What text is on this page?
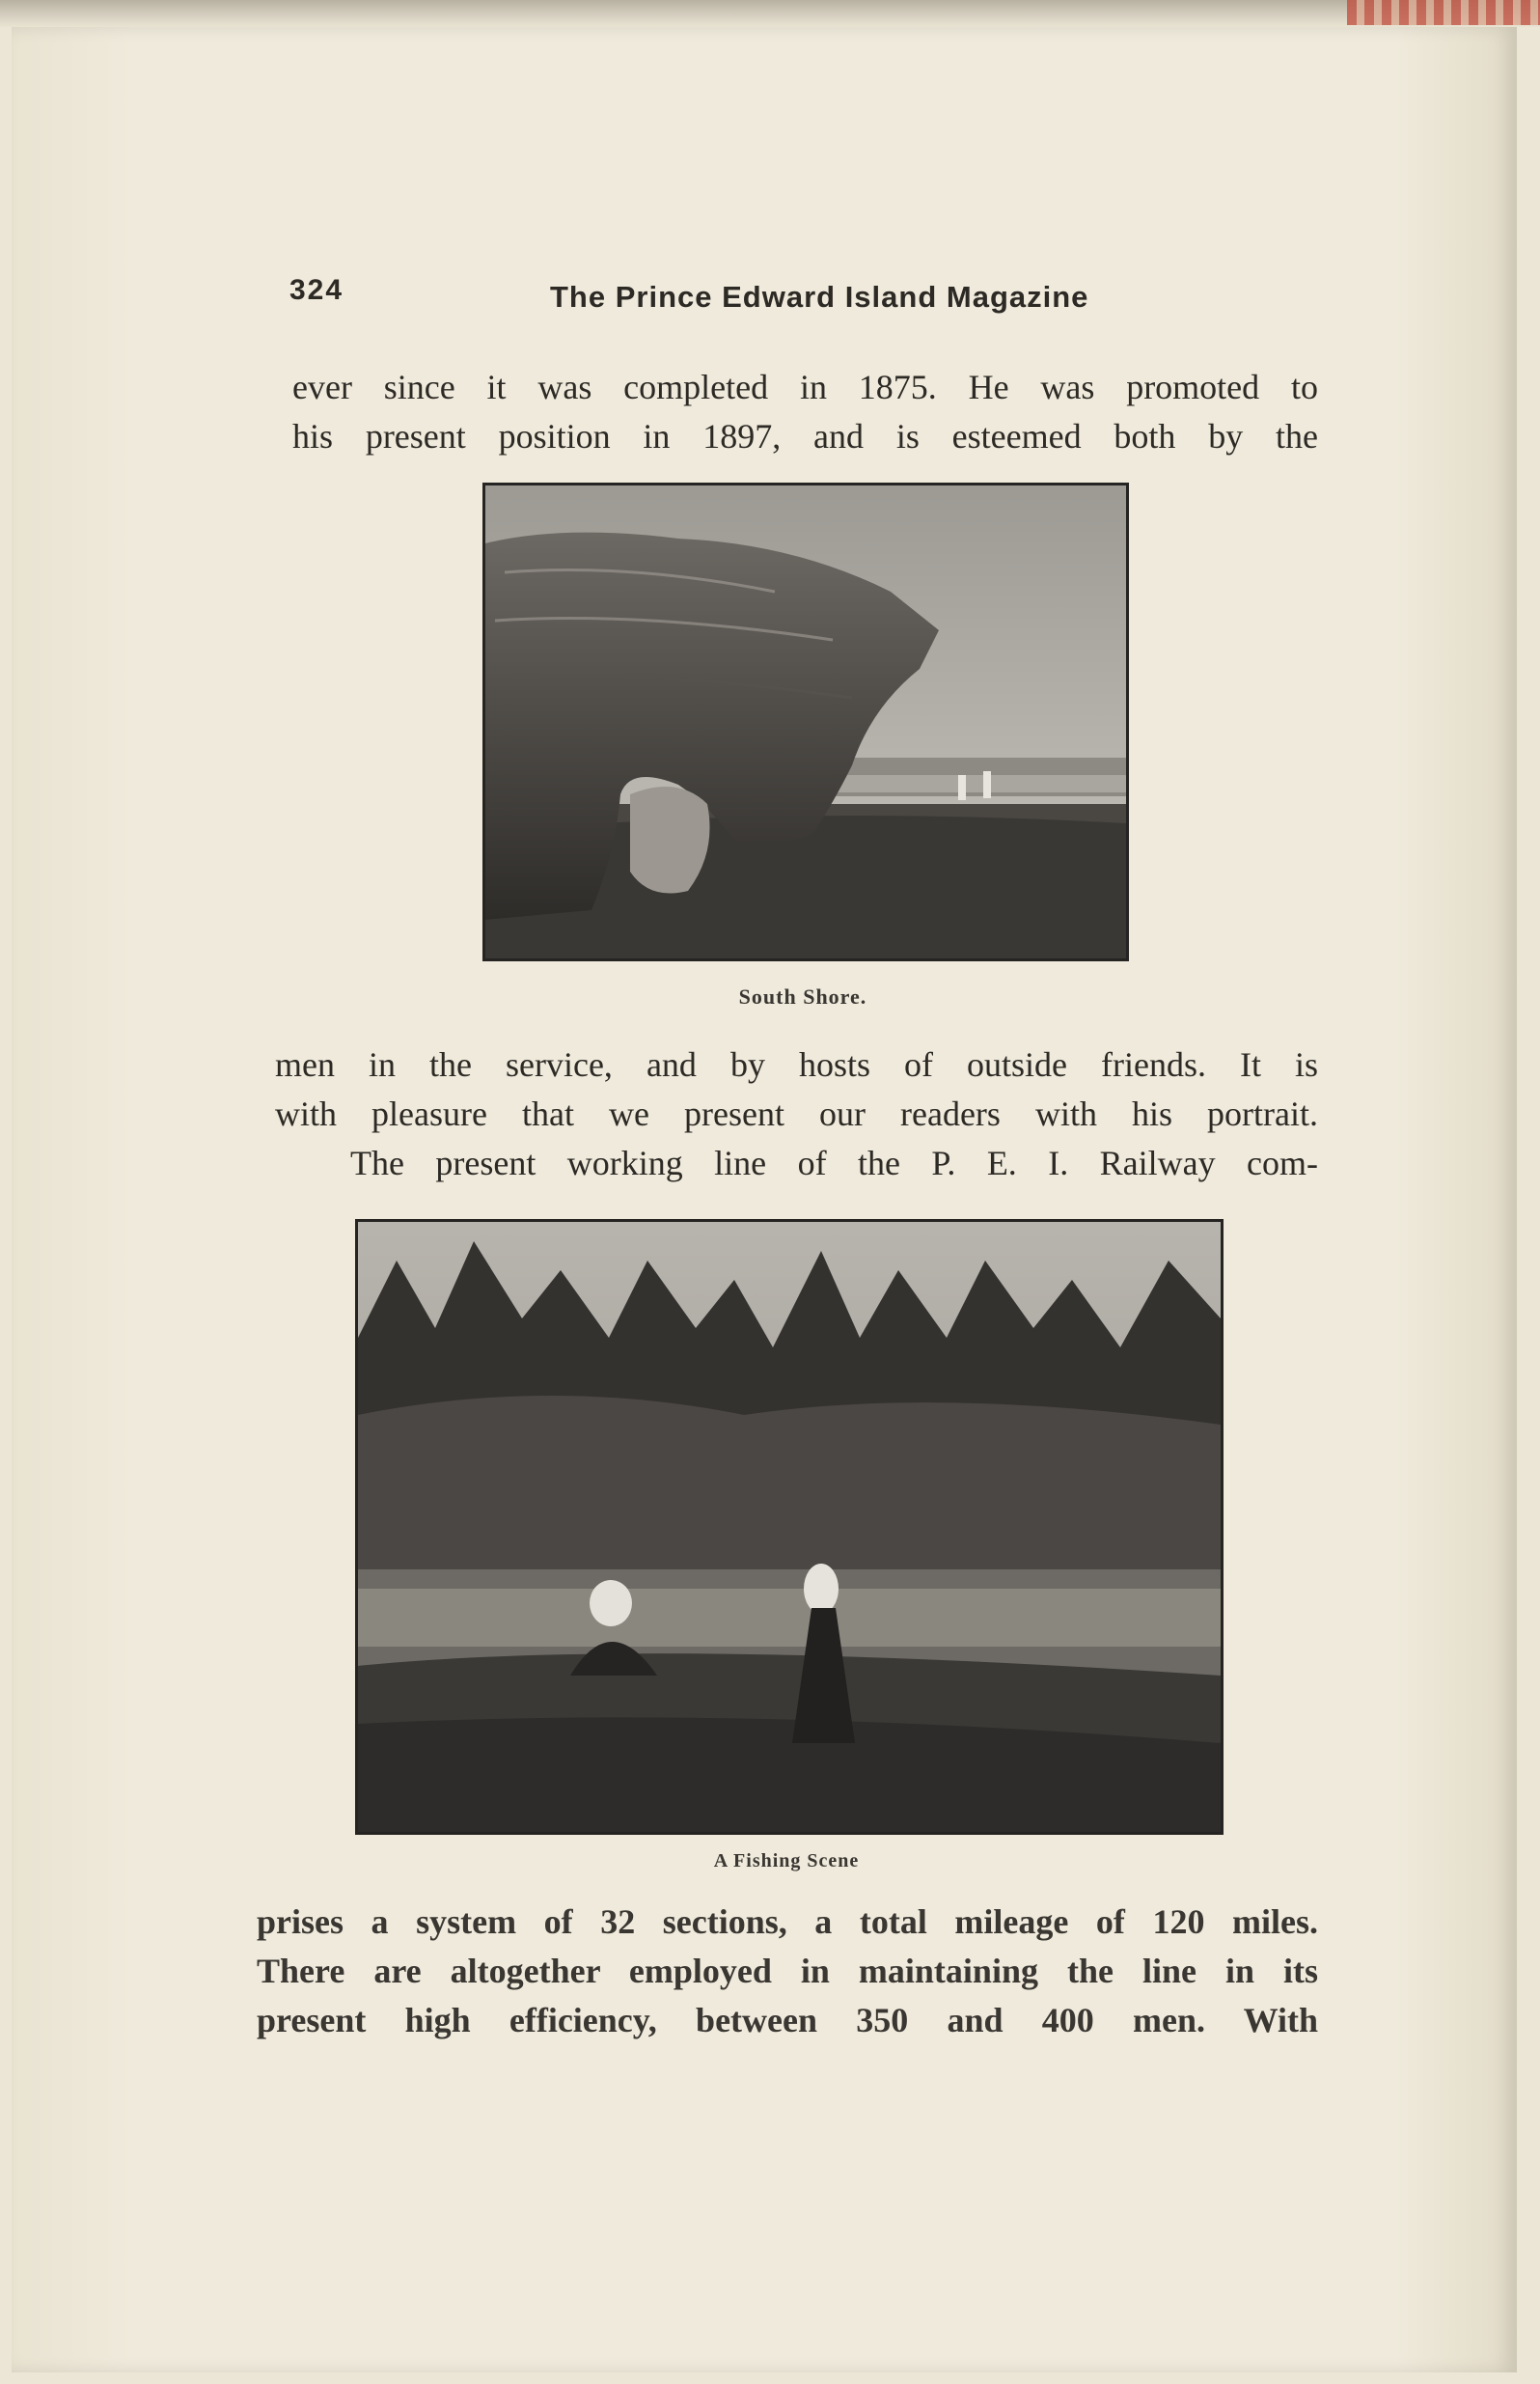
324	The Prince Edward Island Magazine

ever since it was completed in 1875. He was promoted to
his present position in 1897, and is esteemed both by the

South Shore.

men in the service, and by hosts of outside friends. It is
with pleasure that we present our readers with his portrait.
The present working line of the P. E. I. Railway com-

A Fishing Scene

prises a system of 32 sections, a total mileage of 120 miles.
There are altogether employed in maintaining the line in its
present high efficiency, between 350 and 400 men. With
